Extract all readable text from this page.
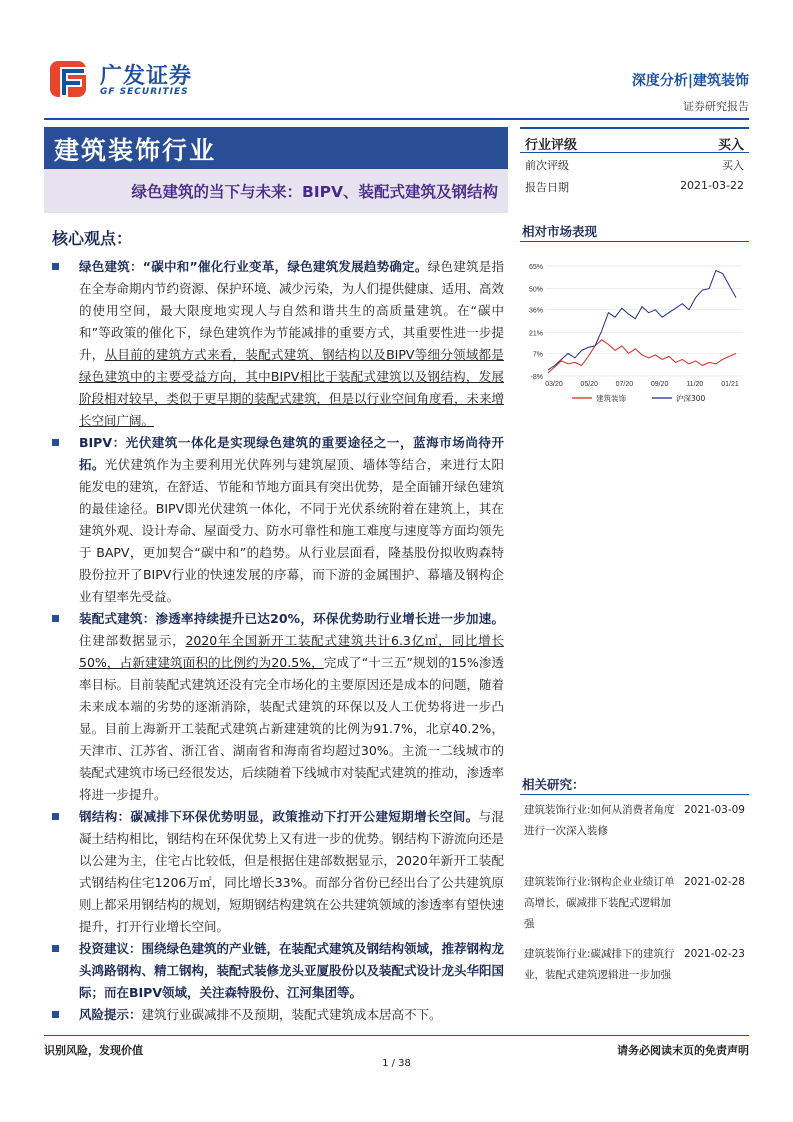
广发证券
GF SECURITIES
深度分析|建筑装饰
证券研究报告
建筑装饰行业
绿色建筑的当下与未来：BIPV、装配式建筑及钢结构
核心观点：
绿色建筑：“碳中和”催化行业变革，绿色建筑发展趋势确定。绿色建筑是指在全寿命期内节约资源、保护环境、减少污染，为人们提供健康、适用、高效的使用空间，最大限度地实现人与自然和谐共生的高质量建筑。在“碳中和”等政策的催化下，绿色建筑作为节能减排的重要方式，其重要性进一步提升，从目前的建筑方式来看，装配式建筑、钢结构以及BIPV等细分领域都是绿色建筑中的主要受益方向，其中BIPV相比于装配式建筑以及钢结构，发展阶段相对较早，类似于更早期的装配式建筑，但是以行业空间角度看，未来增长空间广阔。
BIPV：光伏建筑一体化是实现绿色建筑的重要途径之一，蓝海市场尚待开拓。光伏建筑作为主要利用光伏阵列与建筑屋顶、墙体等结合，来进行太阳能发电的建筑，在舒适、节能和节地方面具有突出优势，是全面铺开绿色建筑的最佳途径。BIPV即光伏建筑一体化，不同于光伏系统附着在建筑上，其在建筑外观、设计寿命、屋面受力、防水可靠性和施工难度与速度等方面均领先于 BAPV，更加契合“碳中和”的趋势。从行业层面看，隆基股份拟收购森特股份拉开了BIPV行业的快速发展的序幕，而下游的金属围护、幕墙及钢构企业有望率先受益。
装配式建筑：渗透率持续提升已达20%，环保优势助行业增长进一步加速。住建部数据显示，2020年全国新开工装配式建筑共计6.3亿㎡，同比增长50%，占新建建筑面积的比例约为20.5%，完成了“十三五”规划的15%渗透率目标。目前装配式建筑还没有完全市场化的主要原因还是成本的问题，随着未来成本端的劣势的逐渐消除，装配式建筑的环保以及人工优势将进一步凸显。目前上海新开工装配式建筑占新建建筑的比例为91.7%，北京40.2%，天津市、江苏省、浙江省、湖南省和海南省均超过30%。主流一二线城市的装配式建筑市场已经很发达，后续随着下线城市对装配式建筑的推动，渗透率将进一步提升。
钢结构：碳减排下环保优势明显，政策推动下打开公建短期增长空间。与混凝土结构相比，钢结构在环保优势上又有进一步的优势。钢结构下游流向还是以公建为主，住宅占比较低，但是根据住建部数据显示，2020年新开工装配式钢结构住宅1206万㎡，同比增长33%。而部分省份已经出台了公共建筑原则上都采用钢结构的规划，短期钢结构建筑在公共建筑领域的渗透率有望快速提升，打开行业增长空间。
投资建议：围绕绿色建筑的产业链，在装配式建筑及钢结构领域，推荐钢构龙头鸿路钢构、精工钢构，装配式装修龙头亚厦股份以及装配式设计龙头华阳国际；而在BIPV领域，关注森特股份、江河集团等。
风险提示：建筑行业碳减排不及预期，装配式建筑成本居高不下。
行业评级	买入
前次评级	买入
报告日期	2021-03-22
相对市场表现
-8%
7%
21%
36%
50%
65%
03/20	05/20	07/20	09/20	11/20	01/21
建筑装饰	沪深300
相关研究：
建筑装饰行业:如何从消费者角度进行一次深入装修
2021-03-09
建筑装饰行业:钢构企业业绩订单高增长，碳减排下装配式逻辑加强
2021-02-28
建筑装饰行业:碳减排下的建筑行业，装配式建筑逻辑进一步加强
2021-02-23
识别风险，发现价值	请务必阅读末页的免责声明
1 / 38
